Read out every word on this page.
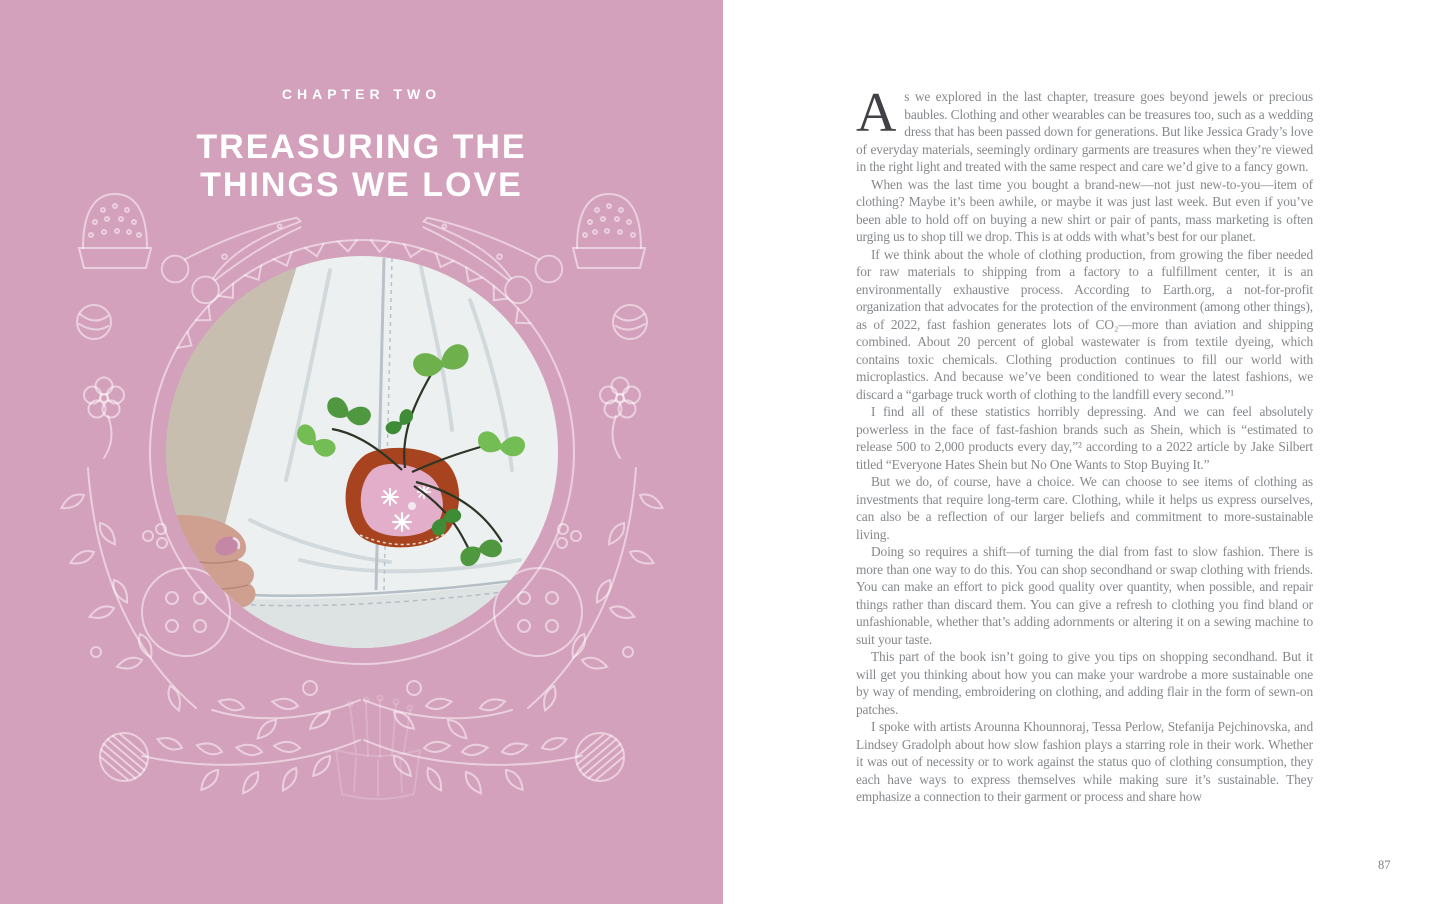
CHAPTER TWO
TREASURING THE
THINGS WE LOVE

As we explored in the last chapter, treasure goes beyond jewels or precious baubles. Clothing and other wearables can be treasures too, such as a wedding dress that has been passed down for generations. But like Jessica Grady’s love of everyday materials, seemingly ordinary garments are treasures when they’re viewed in the right light and treated with the same respect and care we’d give to a fancy gown.

When was the last time you bought a brand-new—not just new-to-you—item of clothing? Maybe it’s been awhile, or maybe it was just last week. But even if you’ve been able to hold off on buying a new shirt or pair of pants, mass marketing is often urging us to shop till we drop. This is at odds with what’s best for our planet.

If we think about the whole of clothing production, from growing the fiber needed for raw materials to shipping from a factory to a fulfillment center, it is an environmentally exhaustive process. According to Earth.org, a not-for-profit organization that advocates for the protection of the environment (among other things), as of 2022, fast fashion generates lots of CO₂—more than aviation and shipping combined. About 20 percent of global wastewater is from textile dyeing, which contains toxic chemicals. Clothing production continues to fill our world with microplastics. And because we’ve been conditioned to wear the latest fashions, we discard a “garbage truck worth of clothing to the landfill every second.”¹

I find all of these statistics horribly depressing. And we can feel absolutely powerless in the face of fast-fashion brands such as Shein, which is “estimated to release 500 to 2,000 products every day,”² according to a 2022 article by Jake Silbert titled “Everyone Hates Shein but No One Wants to Stop Buying It.”

But we do, of course, have a choice. We can choose to see items of clothing as investments that require long-term care. Clothing, while it helps us express ourselves, can also be a reflection of our larger beliefs and commitment to more-sustainable living.

Doing so requires a shift—of turning the dial from fast to slow fashion. There is more than one way to do this. You can shop secondhand or swap clothing with friends. You can make an effort to pick good quality over quantity, when possible, and repair things rather than discard them. You can give a refresh to clothing you find bland or unfashionable, whether that’s adding adornments or altering it on a sewing machine to suit your taste.

This part of the book isn’t going to give you tips on shopping secondhand. But it will get you thinking about how you can make your wardrobe a more sustainable one by way of mending, embroidering on clothing, and adding flair in the form of sewn-on patches.

I spoke with artists Arounna Khounnoraj, Tessa Perlow, Stefanija Pejchinovska, and Lindsey Gradolph about how slow fashion plays a starring role in their work. Whether it was out of necessity or to work against the status quo of clothing consumption, they each have ways to express themselves while making sure it’s sustainable. They emphasize a connection to their garment or process and share how

87
